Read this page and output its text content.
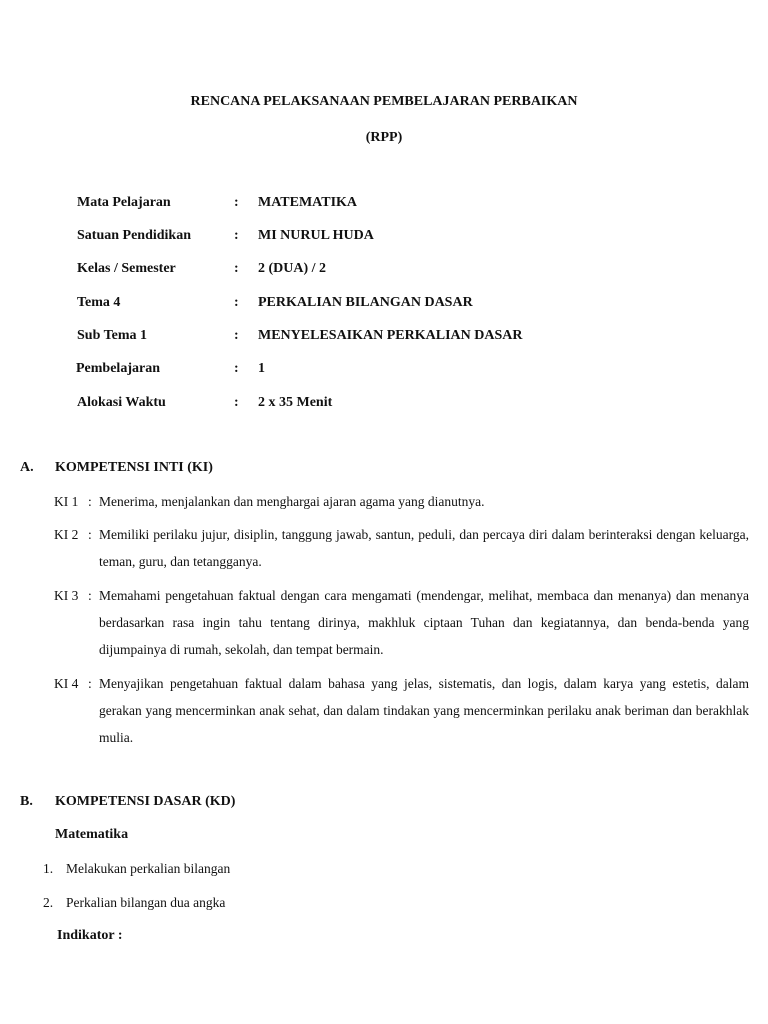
RENCANA PELAKSANAAN PEMBELAJARAN PERBAIKAN
(RPP)
Mata Pelajaran	: MATEMATIKA
Satuan Pendidikan	: MI NURUL HUDA
Kelas / Semester	: 2 (DUA) / 2
Tema 4	: PERKALIAN BILANGAN DASAR
Sub Tema 1	: MENYELESAIKAN PERKALIAN DASAR
Pembelajaran	: 1
Alokasi Waktu	: 2 x 35 Menit
A. KOMPETENSI INTI (KI)
KI 1 : Menerima, menjalankan dan menghargai ajaran agama yang dianutnya.
KI 2 : Memiliki perilaku jujur, disiplin, tanggung jawab, santun, peduli, dan percaya diri dalam berinteraksi dengan keluarga, teman, guru, dan tetangganya.
KI 3 : Memahami pengetahuan faktual dengan cara mengamati (mendengar, melihat, membaca dan menanya) dan menanya berdasarkan rasa ingin tahu tentang dirinya, makhluk ciptaan Tuhan dan kegiatannya, dan benda-benda yang dijumpainya di rumah, sekolah, dan tempat bermain.
KI 4 : Menyajikan pengetahuan faktual dalam bahasa yang jelas, sistematis, dan logis, dalam karya yang estetis, dalam gerakan yang mencerminkan anak sehat, dan dalam tindakan yang mencerminkan perilaku anak beriman dan berakhlak mulia.
B. KOMPETENSI DASAR (KD)
Matematika
1. Melakukan perkalian bilangan
2. Perkalian bilangan dua angka
Indikator :
